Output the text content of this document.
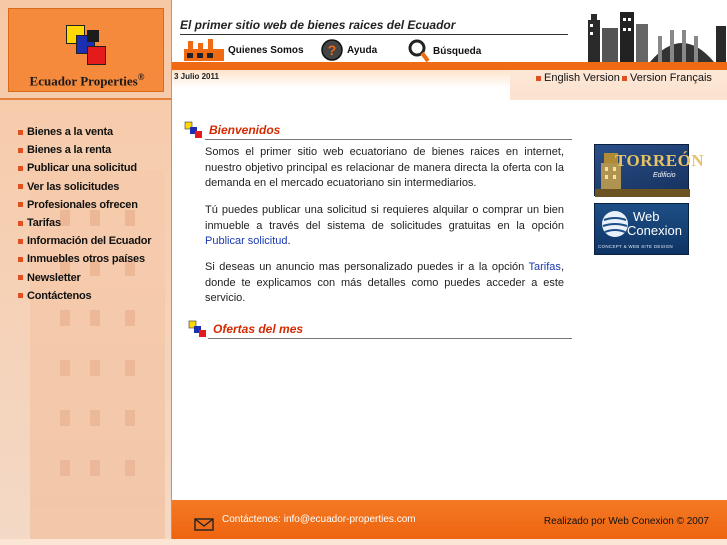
Ecuador Properties®
Bienes a la venta
Bienes a la renta
Publicar una solicitud
Ver las solicitudes
Profesionales ofrecen
Tarifas
Información del Ecuador
Inmuebles otros países
Newsletter
Contáctenos
El primer sitio web de bienes raices del Ecuador
Quienes Somos ? Ayuda	Búsqueda
3 Julio 2011	English Version Version Français
Bienvenidos

Somos el primer sitio web ecuatoriano de bienes raices en internet, nuestro objetivo principal es relacionar de manera directa la oferta con la demanda en el mercado ecuatoriano sin intermediarios.

Tú puedes publicar una solicitud si requieres alquilar o comprar un bien inmueble a través del sistema de solicitudes gratuitas en la opción Publicar solicitud.

Si deseas un anuncio mas personalizado puedes ir a la opción Tarifas, donde te explicamos con más detalles como puedes acceder a este servicio.

Ofertas del mes
TORREÓN
Edificio
Web
Conexion
CONCEPT & WEB SITE DESIGN
Contáctenos: info@ecuador-properties.com	Realizado por Web Conexion © 2007
